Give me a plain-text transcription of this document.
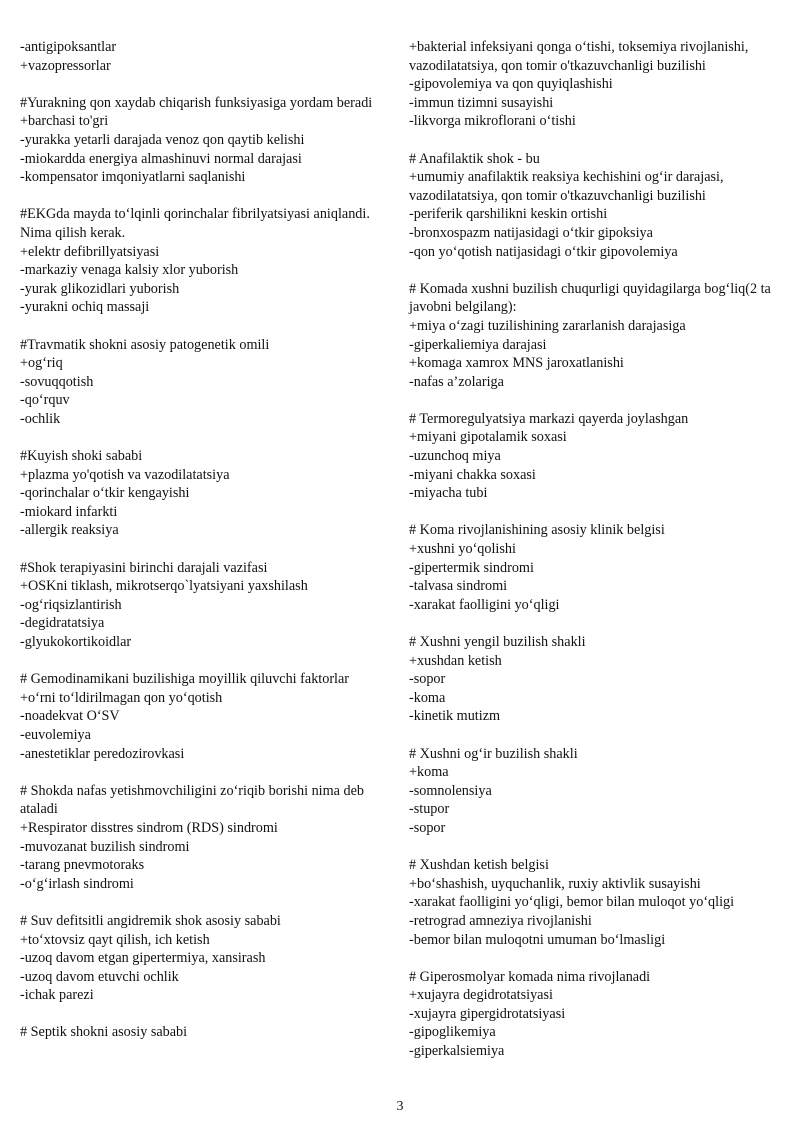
-antigipoksantlar
+vazopressorlar
#Yurakning qon xaydab chiqarish funksiyasiga yordam beradi
+barchasi to'gri
-yurakka yetarli darajada venoz qon qaytib kelishi
-miokardda energiya almashinuvi normal darajasi
-kompensator imqoniyatlarni saqlanishi
#EKGda mayda to‘lqinli qorinchalar fibrilyatsiyasi aniqlandi. Nima qilish kerak.
+elektr defibrillyatsiyasi
-markaziy venaga kalsiy xlor yuborish
-yurak glikozidlari yuborish
-yurakni ochiq massaji
#Travmatik shokni asosiy patogenetik omili
+og‘riq
-sovuqqotish
-qo‘rquv
-ochlik
#Kuyish shoki sababi
+plazma yo'qotish va vazodilatatsiya
-qorinchalar o‘tkir kengayishi
-miokard infarkti
-allergik reaksiya
#Shok terapiyasini birinchi darajali vazifasi
+OSKni tiklash, mikrotserqo`lyatsiyani yaxshilash
-og‘riqsizlantirish
-degidratatsiya
-glyukokortikoidlar
# Gemodinamikani buzilishiga moyillik qiluvchi faktorlar
+o‘rni to‘ldirilmagan qon yo‘qotish
-noadekvat O‘SV
-euvolemiya
-anestetiklar peredozirovkasi
# Shokda nafas yetishmovchiligini zo‘riqib borishi nima deb ataladi
+Respirator disstres sindrom (RDS) sindromi
-muvozanat buzilish sindromi
-tarang pnevmotoraks
-o‘g‘irlash sindromi
# Suv defitsitli angidremik shok asosiy sababi
+to‘xtovsiz qayt qilish, ich ketish
-uzoq davom etgan gipertermiya, xansirash
-uzoq davom etuvchi ochlik
-ichak parezi
# Septik shokni asosiy sababi
+bakterial infeksiyani qonga o‘tishi, toksemiya rivojlanishi, vazodilatatsiya, qon tomir o'tkazuvchanligi buzilishi
-gipovolemiya va qon quyiqlashishi
-immun tizimni susayishi
-likvorga mikroflorani o‘tishi
# Anafilaktik shok - bu
+umumiy anafilaktik reaksiya kechishini og‘ir darajasi, vazodilatatsiya, qon tomir o'tkazuvchanligi buzilishi
-periferik qarshilikni keskin ortishi
-bronxospazm natijasidagi o‘tkir gipoksiya
-qon yo‘qotish natijasidagi o‘tkir gipovolemiya
# Komada xushni buzilish chuqurligi quyidagilarga bog‘liq(2 ta javobni belgilang):
+miya o‘zagi tuzilishining zararlanish darajasiga
-giperkaliemiya darajasi
+komaga xamrox MNS jaroxatlanishi
-nafas a’zolariga
# Termoregulyatsiya markazi qayerda joylashgan
+miyani gipotalamik soxasi
-uzunchoq miya
-miyani chakka soxasi
-miyacha tubi
# Koma rivojlanishining asosiy klinik belgisi
+xushni yo‘qolishi
-gipertermik sindromi
-talvasa sindromi
-xarakat faolligini yo‘qligi
# Xushni yengil buzilish shakli
+xushdan ketish
-sopor
-koma
-kinetik mutizm
# Xushni og‘ir buzilish shakli
+koma
-somnolensiya
-stupor
-sopor
# Xushdan ketish belgisi
+bo‘shashish, uyquchanlik, ruxiy aktivlik susayishi
-xarakat faolligini yo‘qligi, bemor bilan muloqot yo‘qligi
-retrograd amneziya rivojlanishi
-bemor bilan muloqotni umuman bo‘lmasligi
# Giperosmolyar komada nima rivojlanadi
+xujayra degidrotatsiyasi
-xujayra gipergidrotatsiyasi
-gipoglikemiya
-giperkalsiemiya
3
